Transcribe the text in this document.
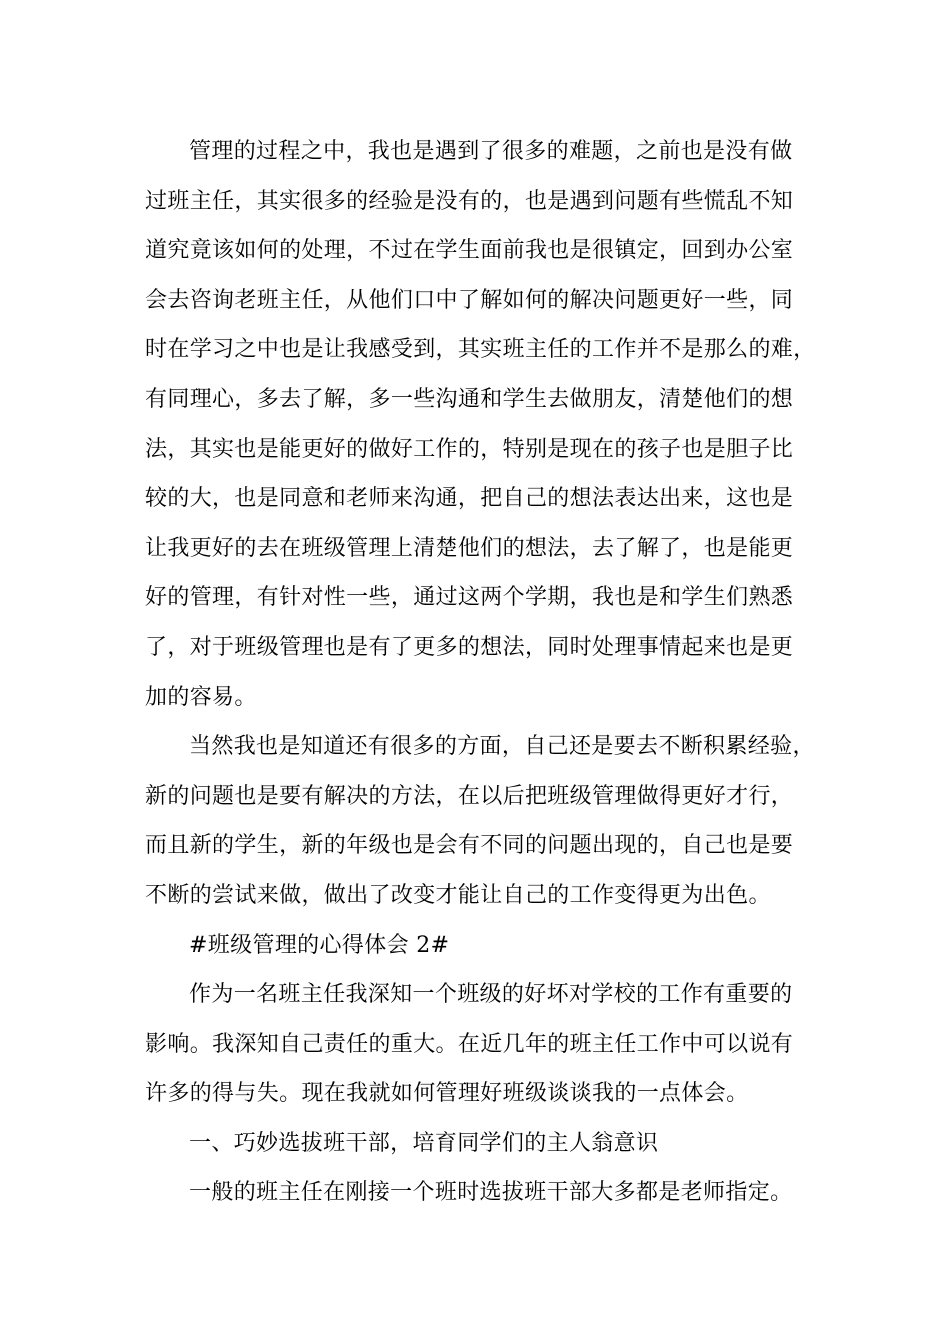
管理的过程之中，我也是遇到了很多的难题，之前也是没有做
过班主任，其实很多的经验是没有的，也是遇到问题有些慌乱不知
道究竟该如何的处理，不过在学生面前我也是很镇定，回到办公室
会去咨询老班主任，从他们口中了解如何的解决问题更好一些，同
时在学习之中也是让我感受到，其实班主任的工作并不是那么的难，
有同理心，多去了解，多一些沟通和学生去做朋友，清楚他们的想
法，其实也是能更好的做好工作的，特别是现在的孩子也是胆子比
较的大，也是同意和老师来沟通，把自己的想法表达出来，这也是
让我更好的去在班级管理上清楚他们的想法，去了解了，也是能更
好的管理，有针对性一些，通过这两个学期，我也是和学生们熟悉
了，对于班级管理也是有了更多的想法，同时处理事情起来也是更
加的容易。

当然我也是知道还有很多的方面，自己还是要去不断积累经验，
新的问题也是要有解决的方法，在以后把班级管理做得更好才行，
而且新的学生，新的年级也是会有不同的问题出现的，自己也是要
不断的尝试来做，做出了改变才能让自己的工作变得更为出色。

#班级管理的心得体会 2#

作为一名班主任我深知一个班级的好坏对学校的工作有重要的
影响。我深知自己责任的重大。在近几年的班主任工作中可以说有
许多的得与失。现在我就如何管理好班级谈谈我的一点体会。

一、巧妙选拔班干部，培育同学们的主人翁意识

一般的班主任在刚接一个班时选拔班干部大多都是老师指定。
